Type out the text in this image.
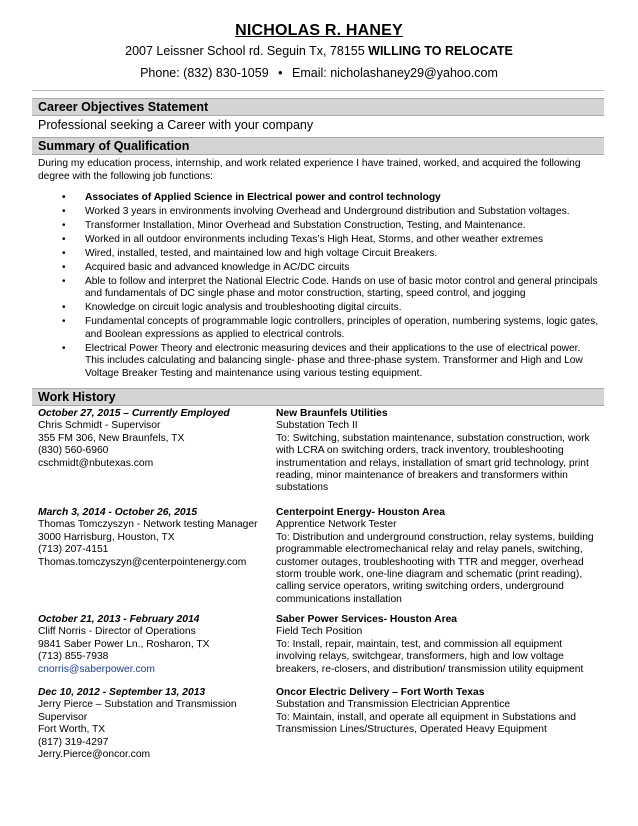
NICHOLAS R. HANEY
2007 Leissner School rd. Seguin Tx, 78155 WILLING TO RELOCATE
Phone: (832) 830-1059 • Email: nicholashaney29@yahoo.com
Career Objectives Statement
Professional seeking a Career with your company
Summary of Qualification
During my education process, internship, and work related experience I have trained, worked, and acquired the following degree with the following job functions:
• Associates of Applied Science in Electrical power and control technology
• Worked 3 years in environments involving Overhead and Underground distribution and Substation voltages.
• Transformer Installation, Minor Overhead and Substation Construction, Testing, and Maintenance.
• Worked in all outdoor environments including Texas’s High Heat, Storms, and other weather extremes
• Wired, installed, tested, and maintained low and high voltage Circuit Breakers.
• Acquired basic and advanced knowledge in AC/DC circuits
• Able to follow and interpret the National Electric Code. Hands on use of basic motor control and general principals and fundamentals of DC single phase and motor construction, starting, speed control, and jogging
• Knowledge on circuit logic analysis and troubleshooting digital circuits.
• Fundamental concepts of programmable logic controllers, principles of operation, numbering systems, logic gates, and Boolean expressions as applied to electrical controls.
• Electrical Power Theory and electronic measuring devices and their applications to the use of electrical power. This includes calculating and balancing single- phase and three-phase system. Transformer and High and Low Voltage Breaker Testing and maintenance using various testing equipment.
Work History
October 27, 2015 – Currently Employed
Chris Schmidt - Supervisor
355 FM 306, New Braunfels, TX
(830) 560-6960
cschmidt@nbutexas.com
New Braunfels Utilities
Substation Tech II
To: Switching, substation maintenance, substation construction, work with LCRA on switching orders, track inventory, troubleshooting instrumentation and relays, installation of smart grid technology, print reading, minor maintenance of breakers and transformers within substations
March 3, 2014 - October 26, 2015
Thomas Tomczyszyn - Network testing Manager
3000 Harrisburg, Houston, TX
(713) 207-4151
Thomas.tomczyszyn@centerpointenergy.com
Centerpoint Energy- Houston Area
Apprentice Network Tester
To: Distribution and underground construction, relay systems, building programmable electromechanical relay and relay panels, switching, customer outages, troubleshooting with TTR and megger, overhead storm trouble work, one-line diagram and schematic (print reading), calling service operators, writing switching orders, underground communications installation
October 21, 2013 - February 2014
Cliff Norris - Director of Operations
9841 Saber Power Ln., Rosharon, TX
(713) 855-7938
cnorris@saberpower.com
Saber Power Services- Houston Area
Field Tech Position
To: Install, repair, maintain, test, and commission all equipment involving relays, switchgear, transformers, high and low voltage breakers, re-closers, and distribution/ transmission utility equipment
Dec 10, 2012 - September 13, 2013
Jerry Pierce – Substation and Transmission
Supervisor
Fort Worth, TX
(817) 319-4297
Jerry.Pierce@oncor.com
Oncor Electric Delivery – Fort Worth Texas
Substation and Transmission Electrician Apprentice
To: Maintain, install, and operate all equipment in Substations and Transmission Lines/Structures, Operated Heavy Equipment
